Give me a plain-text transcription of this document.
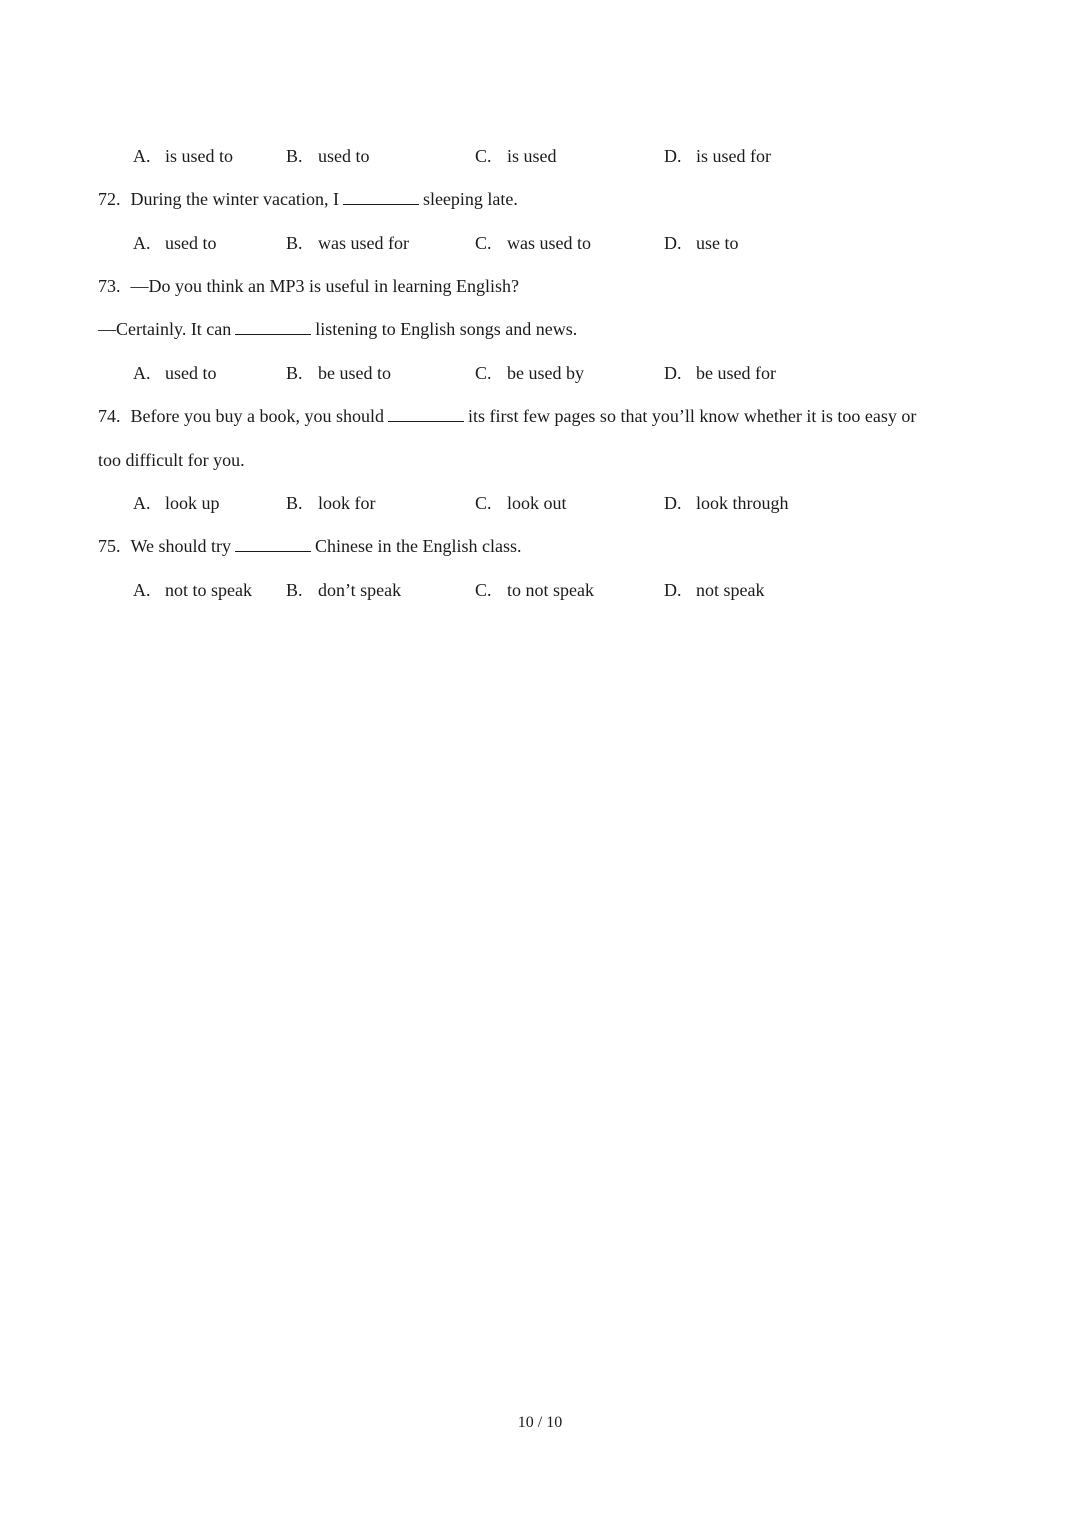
A. is used to	B. used to	C. is used	D. is used for
72. During the winter vacation, I	sleeping late.
A. used to	B. was used for	C. was used to	D. use to
73. —Do you think an MP3 is useful in learning English?
—Certainly. It can	listening to English songs and news.
A. used to	B. be used to	C. be used by	D. be used for
74. Before you buy a book, you should	its first few pages so that you’ll know whether it is too easy or
too difficult for you.
A. look up	B. look for	C. look out	D. look through
75. We should try	Chinese in the English class.
A. not to speak B. don’t speak	C. to not speak	D. not speak
10 / 10
